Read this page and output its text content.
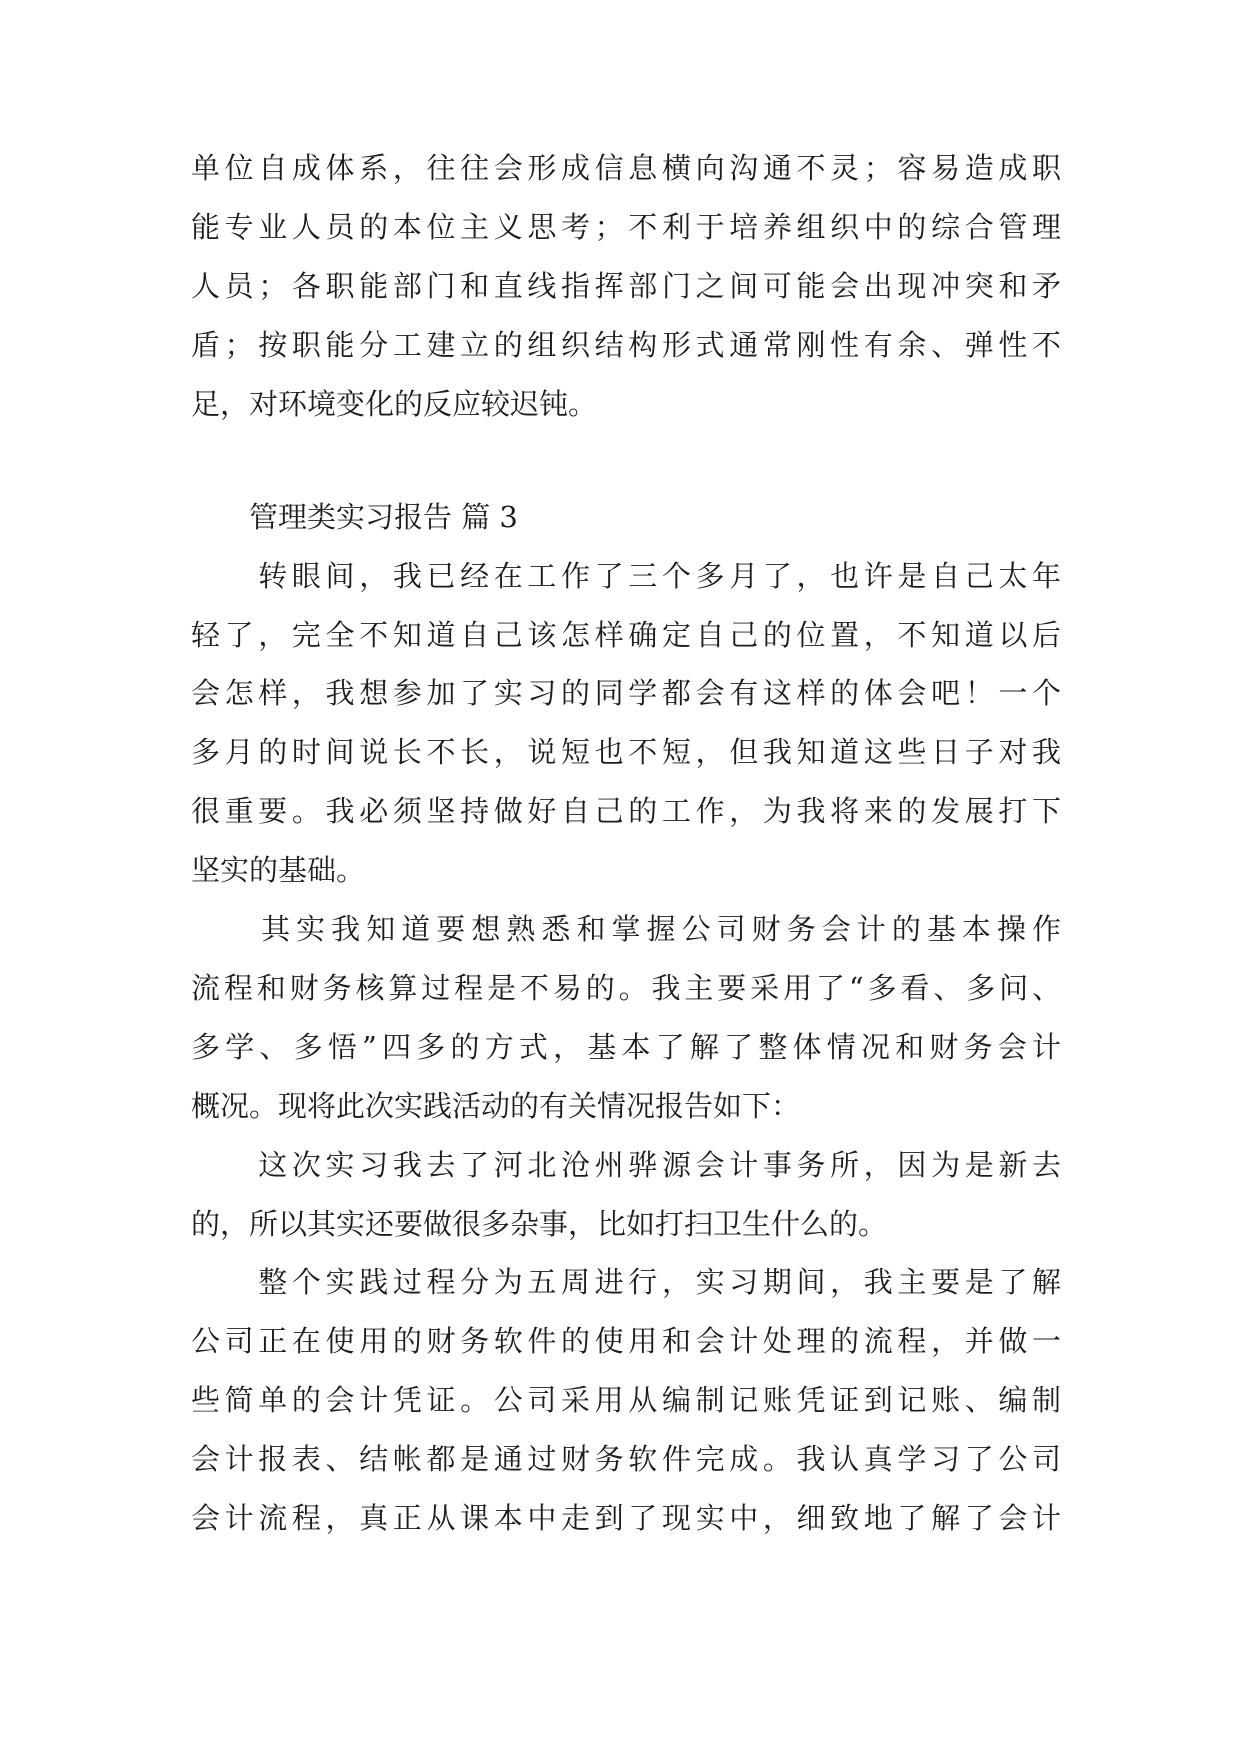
单位自成体系，往往会形成信息横向沟通不灵；容易造成职
能专业人员的本位主义思考；不利于培养组织中的综合管理
人员；各职能部门和直线指挥部门之间可能会出现冲突和矛
盾；按职能分工建立的组织结构形式通常刚性有余、弹性不
足，对环境变化的反应较迟钝。
　　管理类实习报告 篇 3
　　转眼间，我已经在工作了三个多月了，也许是自己太年
轻了，完全不知道自己该怎样确定自己的位置，不知道以后
会怎样，我想参加了实习的同学都会有这样的体会吧！一个
多月的时间说长不长，说短也不短，但我知道这些日子对我
很重要。我必须坚持做好自己的工作，为我将来的发展打下
坚实的基础。
　　其实我知道要想熟悉和掌握公司财务会计的基本操作
流程和财务核算过程是不易的。我主要采用了“多看、多问、
多学、多悟”四多的方式，基本了解了整体情况和财务会计
概况。现将此次实践活动的有关情况报告如下：
　　这次实习我去了河北沧州骅源会计事务所，因为是新去
的，所以其实还要做很多杂事，比如打扫卫生什么的。
　　整个实践过程分为五周进行，实习期间，我主要是了解
公司正在使用的财务软件的使用和会计处理的流程，并做一
些简单的会计凭证。公司采用从编制记账凭证到记账、编制
会计报表、结帐都是通过财务软件完成。我认真学习了公司
会计流程，真正从课本中走到了现实中，细致地了解了会计
